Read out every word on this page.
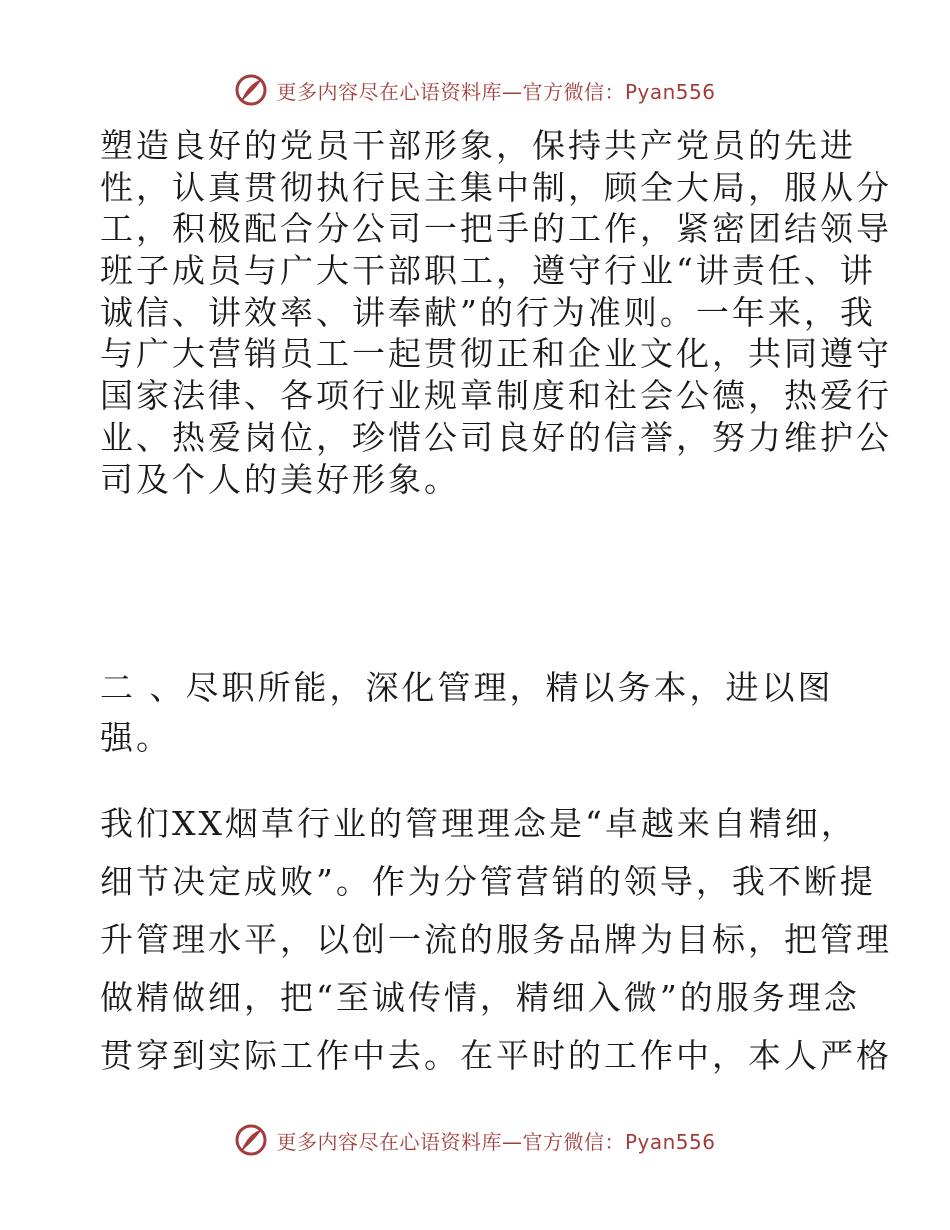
更多内容尽在心语资料库—官方微信：Pyan556
塑造良好的党员干部形象，保持共产党员的先进
性，认真贯彻执行民主集中制，顾全大局，服从分
工，积极配合分公司一把手的工作，紧密团结领导
班子成员与广大干部职工，遵守行业“讲责任、讲
诚信、讲效率、讲奉献”的行为准则。一年来，我
与广大营销员工一起贯彻正和企业文化，共同遵守
国家法律、各项行业规章制度和社会公德，热爱行
业、热爱岗位，珍惜公司良好的信誉，努力维护公
司及个人的美好形象。
二 、尽职所能，深化管理，精以务本，进以图
强。
我们XX烟草行业的管理理念是“卓越来自精细，
细节决定成败”。作为分管营销的领导，我不断提
升管理水平，以创一流的服务品牌为目标，把管理
做精做细，把“至诚传情，精细入微”的服务理念
贯穿到实际工作中去。在平时的工作中，本人严格
更多内容尽在心语资料库—官方微信：Pyan556
